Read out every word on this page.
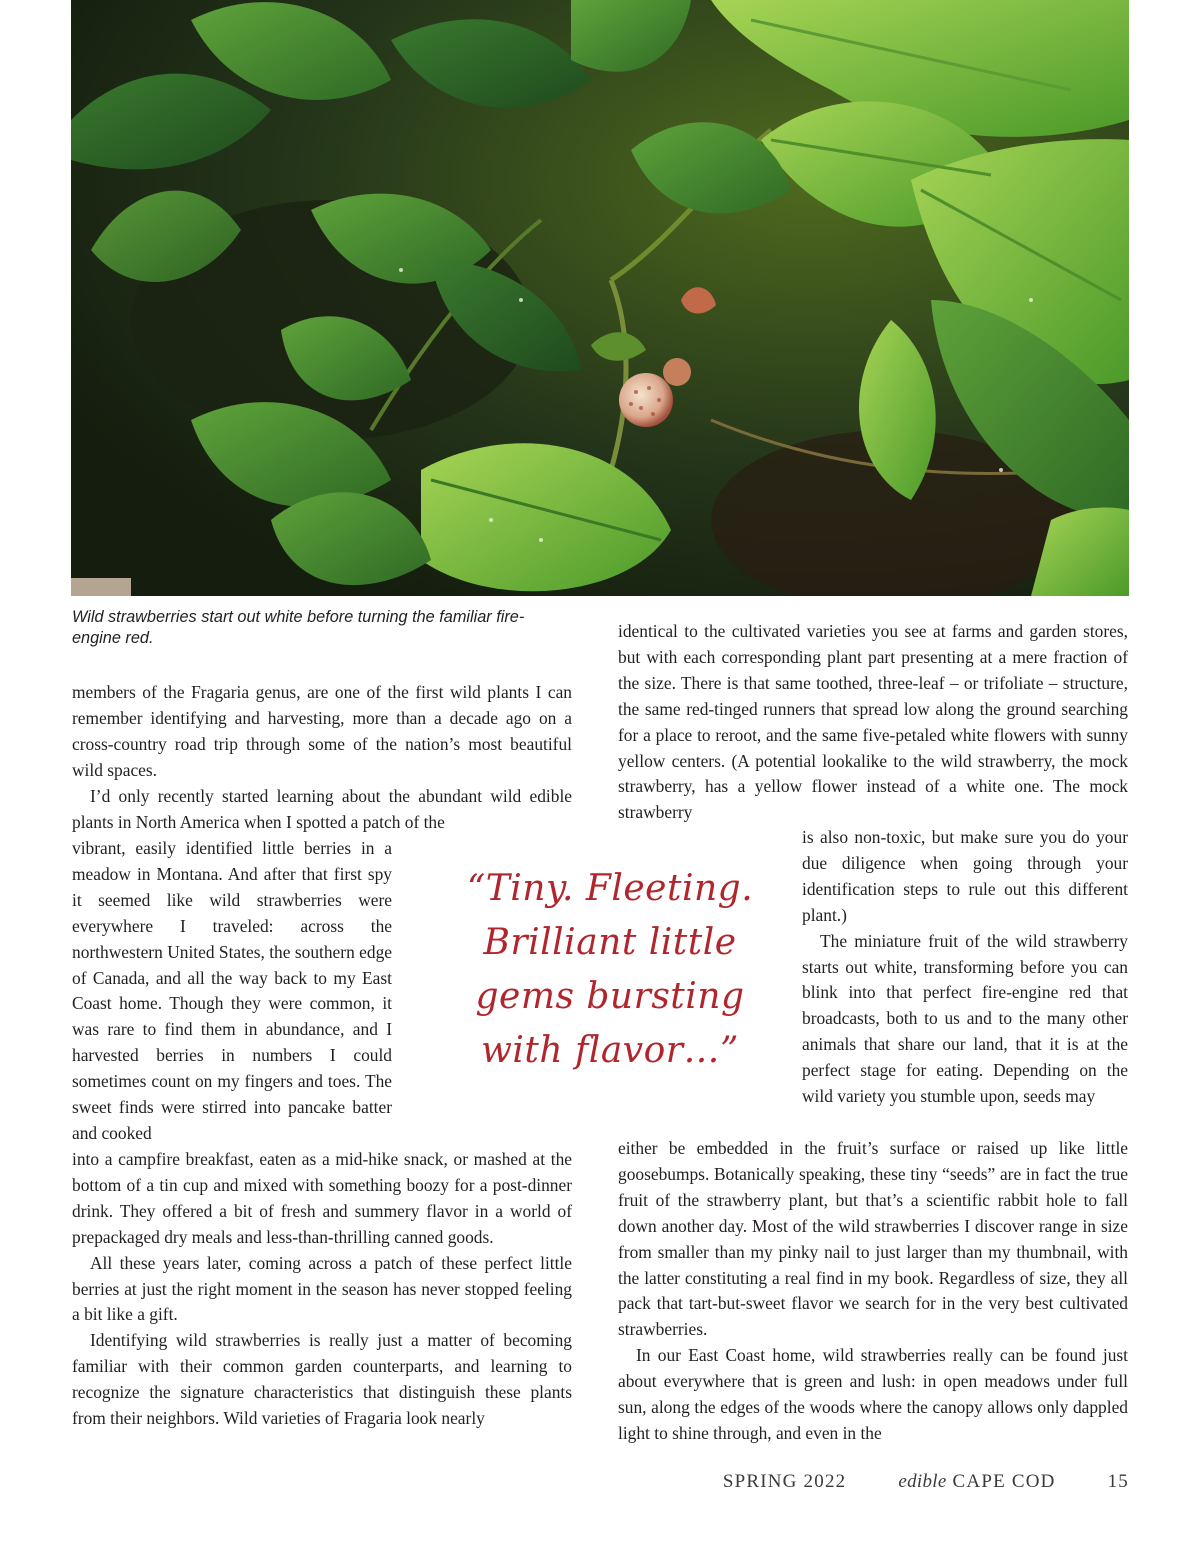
Wild strawberries start out white before turning the familiar fire-engine red.

members of the Fragaria genus, are one of the first wild plants I can remember identifying and harvesting, more than a decade ago on a cross-country road trip through some of the nation’s most beautiful wild spaces.

I’d only recently started learning about the abundant wild edible plants in North America when I spotted a patch of the

vibrant, easily identified little berries in a meadow in Montana. And after that first spy it seemed like wild strawberries were everywhere I traveled: across the northwestern United States, the southern edge of Canada, and all the way back to my East Coast home. Though they were common, it was rare to find them in abundance, and I harvested berries in numbers I could sometimes count on my fingers and toes. The sweet finds were stirred into pancake batter and cooked

into a campfire breakfast, eaten as a mid-hike snack, or mashed at the bottom of a tin cup and mixed with something boozy for a post-dinner drink. They offered a bit of fresh and summery flavor in a world of prepackaged dry meals and less-than-thrilling canned goods.

All these years later, coming across a patch of these perfect little berries at just the right moment in the season has never stopped feeling a bit like a gift.

Identifying wild strawberries is really just a matter of becoming familiar with their common garden counterparts, and learning to recognize the signature characteristics that distinguish these plants from their neighbors. Wild varieties of Fragaria look nearly

“Tiny. Fleeting. Brilliant little gems bursting with flavor…”

identical to the cultivated varieties you see at farms and garden stores, but with each corresponding plant part presenting at a mere fraction of the size. There is that same toothed, three-leaf – or trifoliate – structure, the same red-tinged runners that spread low along the ground searching for a place to reroot, and the same five-petaled white flowers with sunny yellow centers. (A potential lookalike to the wild strawberry, the mock strawberry, has a yellow flower instead of a white one. The mock strawberry

is also non-toxic, but make sure you do your due diligence when going through your identification steps to rule out this different plant.)

The miniature fruit of the wild strawberry starts out white, transforming before you can blink into that perfect fire-engine red that broadcasts, both to us and to the many other animals that share our land, that it is at the perfect stage for eating. Depending on the wild variety you stumble upon, seeds may

either be embedded in the fruit’s surface or raised up like little goosebumps. Botanically speaking, these tiny “seeds” are in fact the true fruit of the strawberry plant, but that’s a scientific rabbit hole to fall down another day. Most of the wild strawberries I discover range in size from smaller than my pinky nail to just larger than my thumbnail, with the latter constituting a real find in my book. Regardless of size, they all pack that tart-but-sweet flavor we search for in the very best cultivated strawberries.

In our East Coast home, wild strawberries really can be found just about everywhere that is green and lush: in open meadows under full sun, along the edges of the woods where the canopy allows only dappled light to shine through, and even in the

SPRING 2022	edible CAPE COD	15
